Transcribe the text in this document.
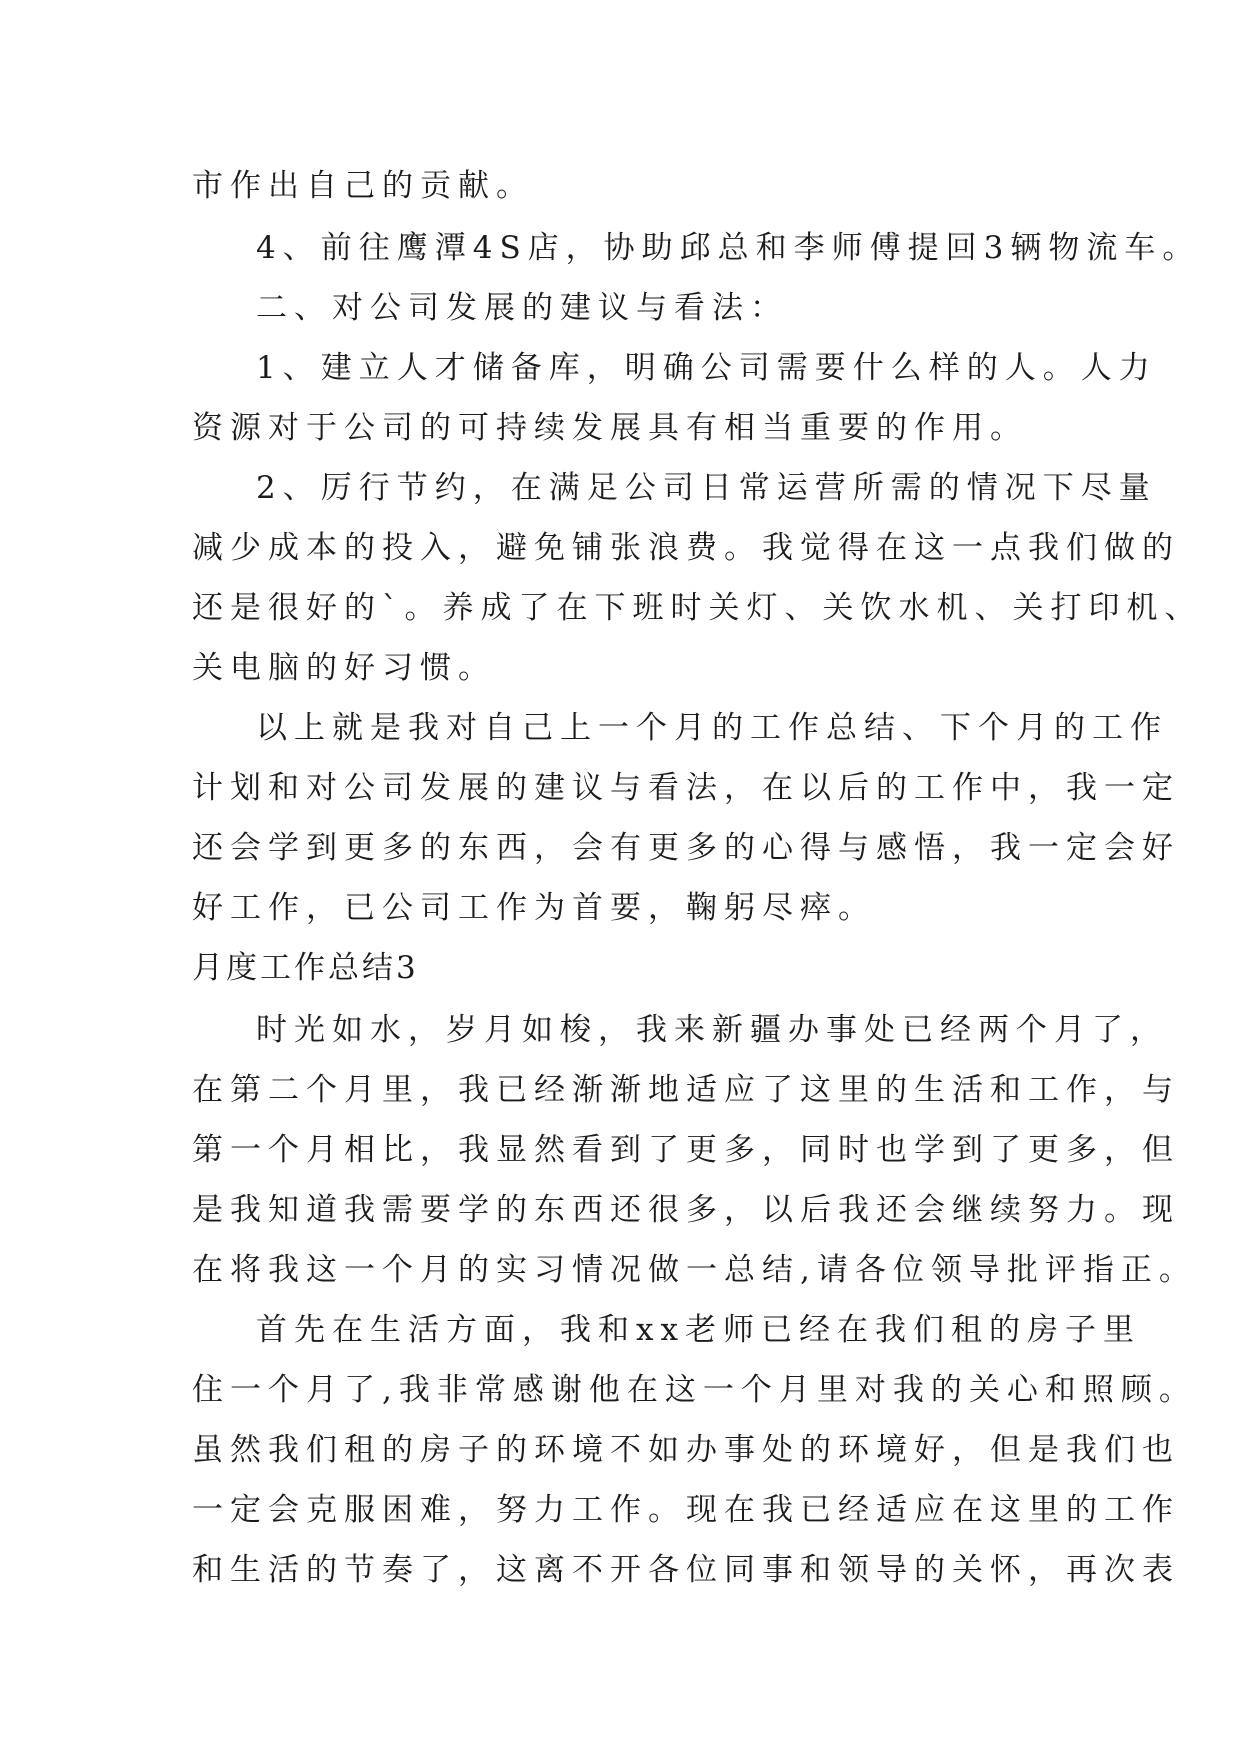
市作出自己的贡献。
4、前往鹰潭4S店，协助邱总和李师傅提回3辆物流车。
二、对公司发展的建议与看法：
1、建立人才储备库，明确公司需要什么样的人。人力
资源对于公司的可持续发展具有相当重要的作用。
2、厉行节约，在满足公司日常运营所需的情况下尽量
减少成本的投入，避免铺张浪费。我觉得在这一点我们做的
还是很好的`。养成了在下班时关灯、关饮水机、关打印机、
关电脑的好习惯。
以上就是我对自己上一个月的工作总结、下个月的工作
计划和对公司发展的建议与看法，在以后的工作中，我一定
还会学到更多的东西，会有更多的心得与感悟，我一定会好
好工作，已公司工作为首要，鞠躬尽瘁。
月度工作总结3
时光如水，岁月如梭，我来新疆办事处已经两个月了，
在第二个月里，我已经渐渐地适应了这里的生活和工作，与
第一个月相比，我显然看到了更多，同时也学到了更多，但
是我知道我需要学的东西还很多，以后我还会继续努力。现
在将我这一个月的实习情况做一总结,请各位领导批评指正。
首先在生活方面，我和xx老师已经在我们租的房子里
住一个月了,我非常感谢他在这一个月里对我的关心和照顾。
虽然我们租的房子的环境不如办事处的环境好，但是我们也
一定会克服困难，努力工作。现在我已经适应在这里的工作
和生活的节奏了，这离不开各位同事和领导的关怀，再次表
